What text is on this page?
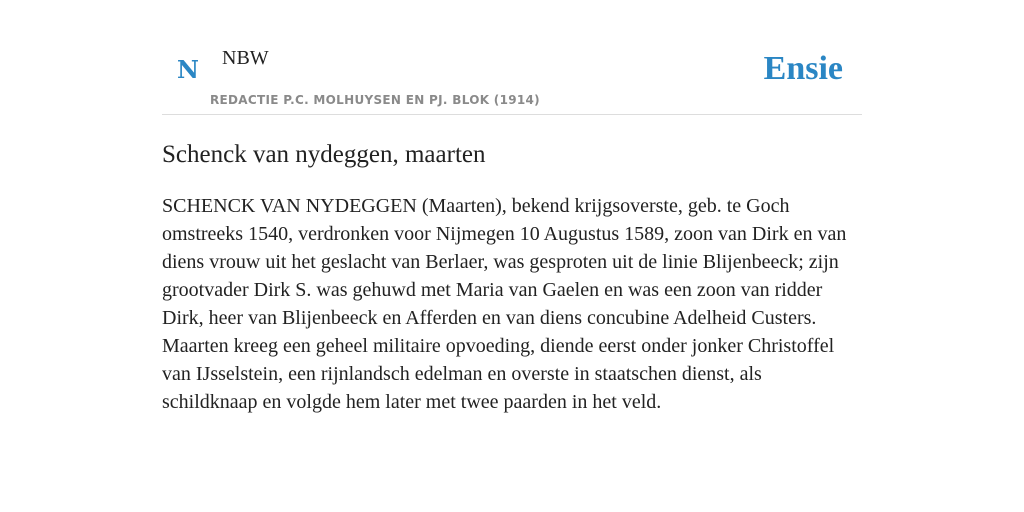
N NBW
REDACTIE P.C. MOLHUYSEN EN PJ. BLOK (1914)
Ensie
Schenck van nydeggen, maarten

SCHENCK VAN NYDEGGEN (Maarten), bekend krijgsoverste, geb. te Goch omstreeks 1540, verdronken voor Nijmegen 10 Augustus 1589, zoon van Dirk en van diens vrouw uit het geslacht van Berlaer, was gesproten uit de linie Blijenbeeck; zijn grootvader Dirk S. was gehuwd met Maria van Gaelen en was een zoon van ridder Dirk, heer van Blijenbeeck en Afferden en van diens concubine Adelheid Custers. Maarten kreeg een geheel militaire opvoeding, diende eerst onder jonker Christoffel van IJsselstein, een rijnlandsch edelman en overste in staatschen dienst, als schildknaap en volgde hem later met twee paarden in het veld.
